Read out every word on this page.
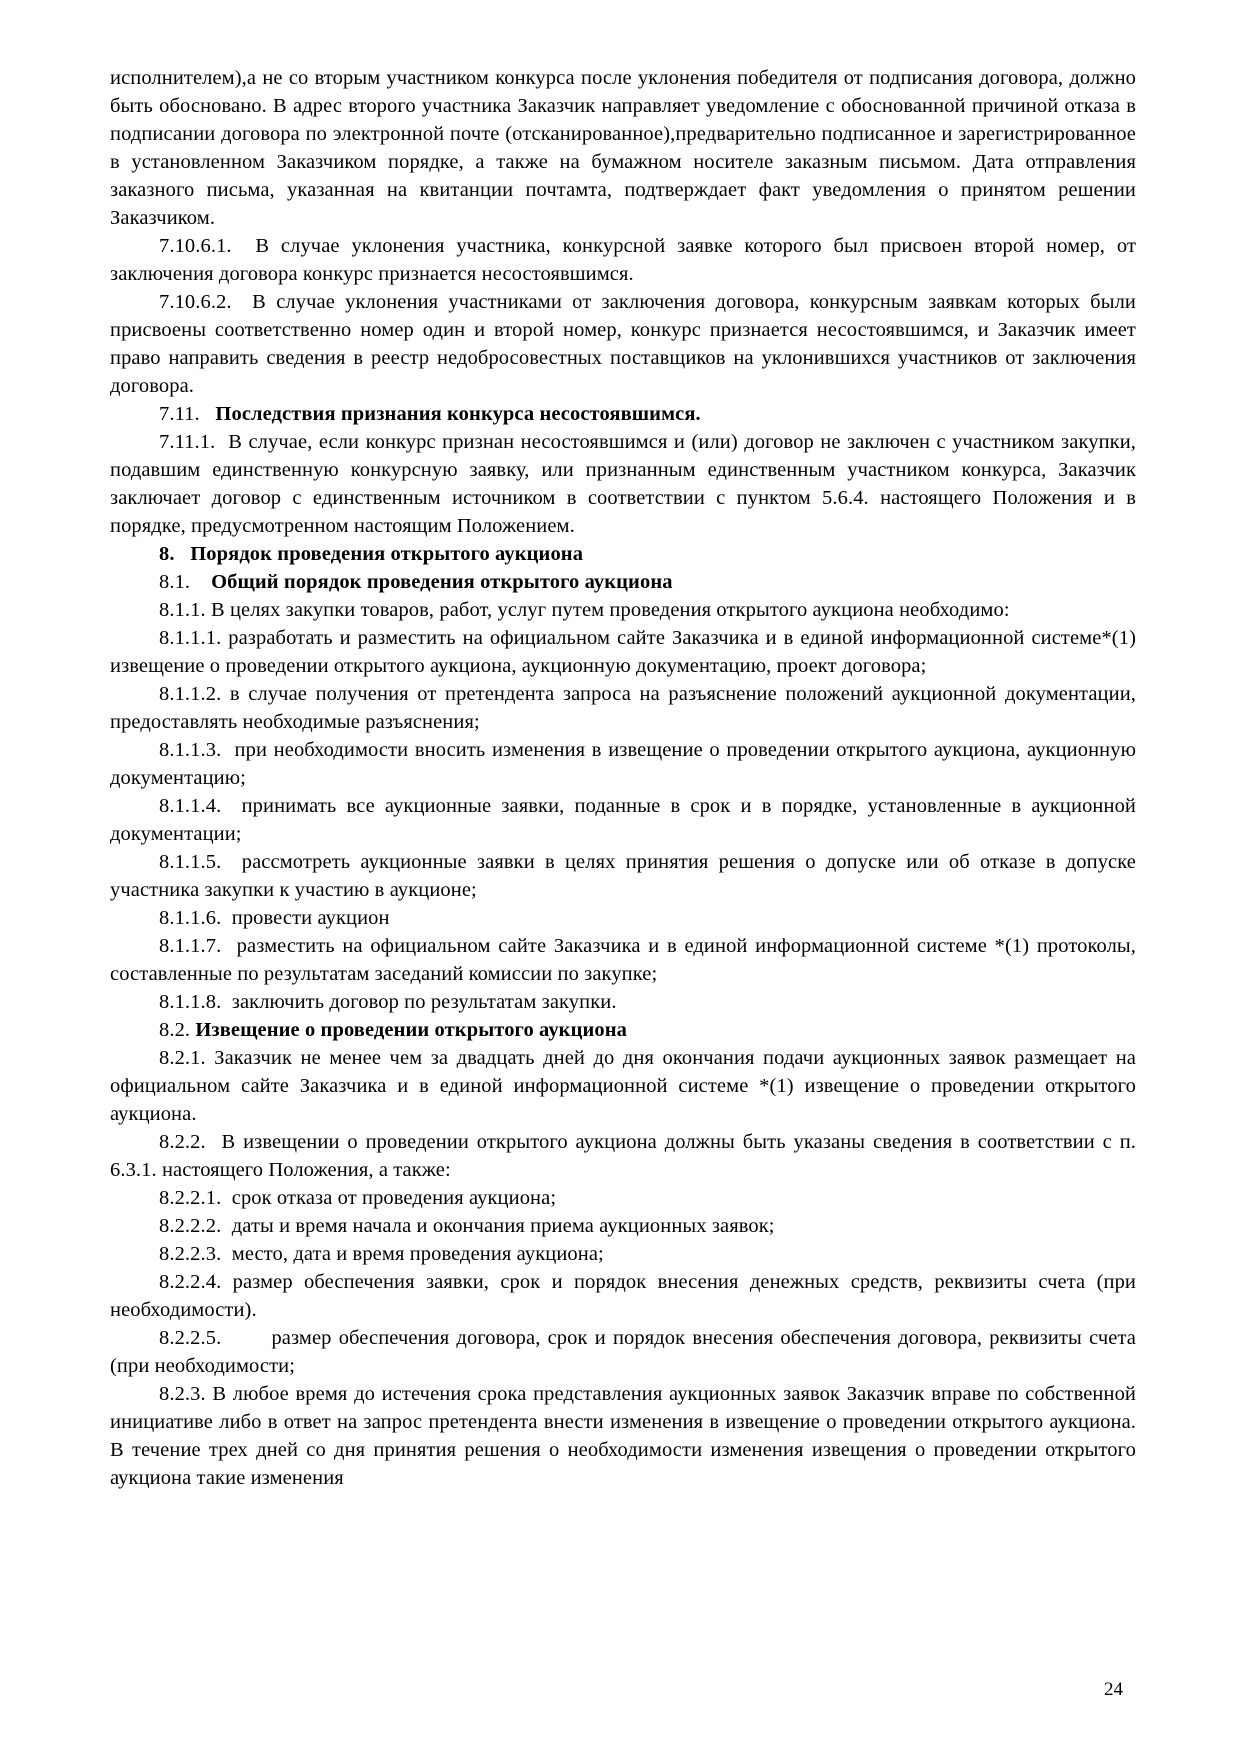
исполнителем),а не со вторым участником конкурса после уклонения победителя от подписания договора, должно быть обосновано. В адрес второго участника Заказчик направляет уведомление с обоснованной причиной отказа в подписании договора по электронной почте (отсканированное),предварительно подписанное и зарегистрированное в установленном Заказчиком порядке, а также на бумажном носителе заказным письмом. Дата отправления заказного письма, указанная на квитанции почтамта, подтверждает факт уведомления о принятом решении Заказчиком.

7.10.6.1.  В случае уклонения участника, конкурсной заявке которого был присвоен второй номер, от заключения договора конкурс признается несостоявшимся.

7.10.6.2.  В случае уклонения участниками от заключения договора, конкурсным заявкам которых были присвоены соответственно номер один и второй номер, конкурс признается несостоявшимся, и Заказчик имеет право направить сведения в реестр недобросовестных поставщиков на уклонившихся участников от заключения договора.

7.11.   Последствия признания конкурса несостоявшимся.

7.11.1.  В случае, если конкурс признан несостоявшимся и (или) договор не заключен с участником закупки, подавшим единственную конкурсную заявку, или признанным единственным участником конкурса, Заказчик заключает договор с единственным источником в соответствии с пунктом 5.6.4. настоящего Положения и в порядке, предусмотренном настоящим Положением.

8.   Порядок проведения открытого аукциона

8.1.    Общий порядок проведения открытого аукциона

8.1.1. В целях закупки товаров, работ, услуг путем проведения открытого аукциона необходимо:

8.1.1.1. разработать и разместить на официальном сайте Заказчика и в единой информационной системе*(1) извещение о проведении открытого аукциона, аукционную документацию, проект договора;

8.1.1.2. в случае получения от претендента запроса на разъяснение положений аукционной документации, предоставлять необходимые разъяснения;

8.1.1.3.  при необходимости вносить изменения в извещение о проведении открытого аукциона, аукционную документацию;

8.1.1.4.  принимать все аукционные заявки, поданные в срок и в порядке, установленные в аукционной документации;

8.1.1.5.  рассмотреть аукционные заявки в целях принятия решения о допуске или об отказе в допуске участника закупки к участию в аукционе;

8.1.1.6.  провести аукцион

8.1.1.7.  разместить на официальном сайте Заказчика и в единой информационной системе *(1) протоколы, составленные по результатам заседаний комиссии по закупке;

8.1.1.8.  заключить договор по результатам закупки.

8.2. Извещение о проведении открытого аукциона

8.2.1. Заказчик не менее чем за двадцать дней до дня окончания подачи аукционных заявок размещает на официальном сайте Заказчика и в единой информационной системе *(1) извещение о проведении открытого аукциона.

8.2.2.  В извещении о проведении открытого аукциона должны быть указаны сведения в соответствии с п. 6.3.1. настоящего Положения, а также:

8.2.2.1.  срок отказа от проведения аукциона;

8.2.2.2.  даты и время начала и окончания приема аукционных заявок;

8.2.2.3.  место, дата и время проведения аукциона;

8.2.2.4. размер обеспечения заявки, срок и порядок внесения денежных средств, реквизиты счета (при необходимости).

8.2.2.5.       размер обеспечения договора, срок и порядок внесения обеспечения договора, реквизиты счета (при необходимости;

8.2.3. В любое время до истечения срока представления аукционных заявок Заказчик вправе по собственной инициативе либо в ответ на запрос претендента внести изменения в извещение о проведении открытого аукциона. В течение трех дней со дня принятия решения о необходимости изменения извещения о проведении открытого аукциона такие изменения

24
